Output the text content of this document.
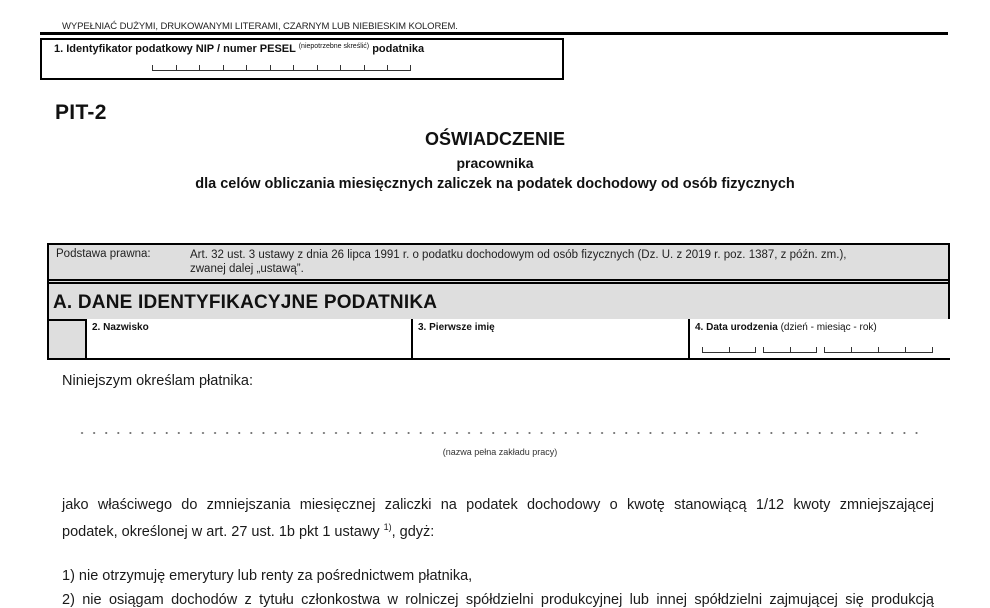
WYPEŁNIAĆ DUŻYMI, DRUKOWANYMI LITERAMI, CZARNYM LUB NIEBIESKIM KOLOREM.
1. Identyfikator podatkowy NIP / numer PESEL $^{(niepotrzebne skreślić)}$ podatnika
PIT-2
OŚWIADCZENIE
pracownika
dla celów obliczania miesięcznych zaliczek na podatek dochodowy od osób fizycznych
Podstawa prawna:	Art. 32 ust. 3 ustawy z dnia 26 lipca 1991 r. o podatku dochodowym od osób fizycznych (Dz. U. z 2019 r. poz. 1387, z późn. zm.),
zwanej dalej „ustawą”.
A. DANE IDENTYFIKACYJNE PODATNIKA
2. Nazwisko	3. Pierwsze imię	4. Data urodzenia (dzień - miesiąc - rok)
Niniejszym określam płatnika:
(nazwa pełna zakładu pracy)
jako właściwego do zmniejszania miesięcznej zaliczki na podatek dochodowy o kwotę stanowiącą 1/12 kwoty zmniejszającej
podatek, określonej w art. 27 ust. 1b pkt 1 ustawy $^{1)}$, gdyż:
1) nie otrzymuję emerytury lub renty za pośrednictwem płatnika,
2) nie osiągam dochodów z tytułu członkostwa w rolniczej spółdzielni produkcyjnej lub innej spółdzielni zajmującej się produkcją
